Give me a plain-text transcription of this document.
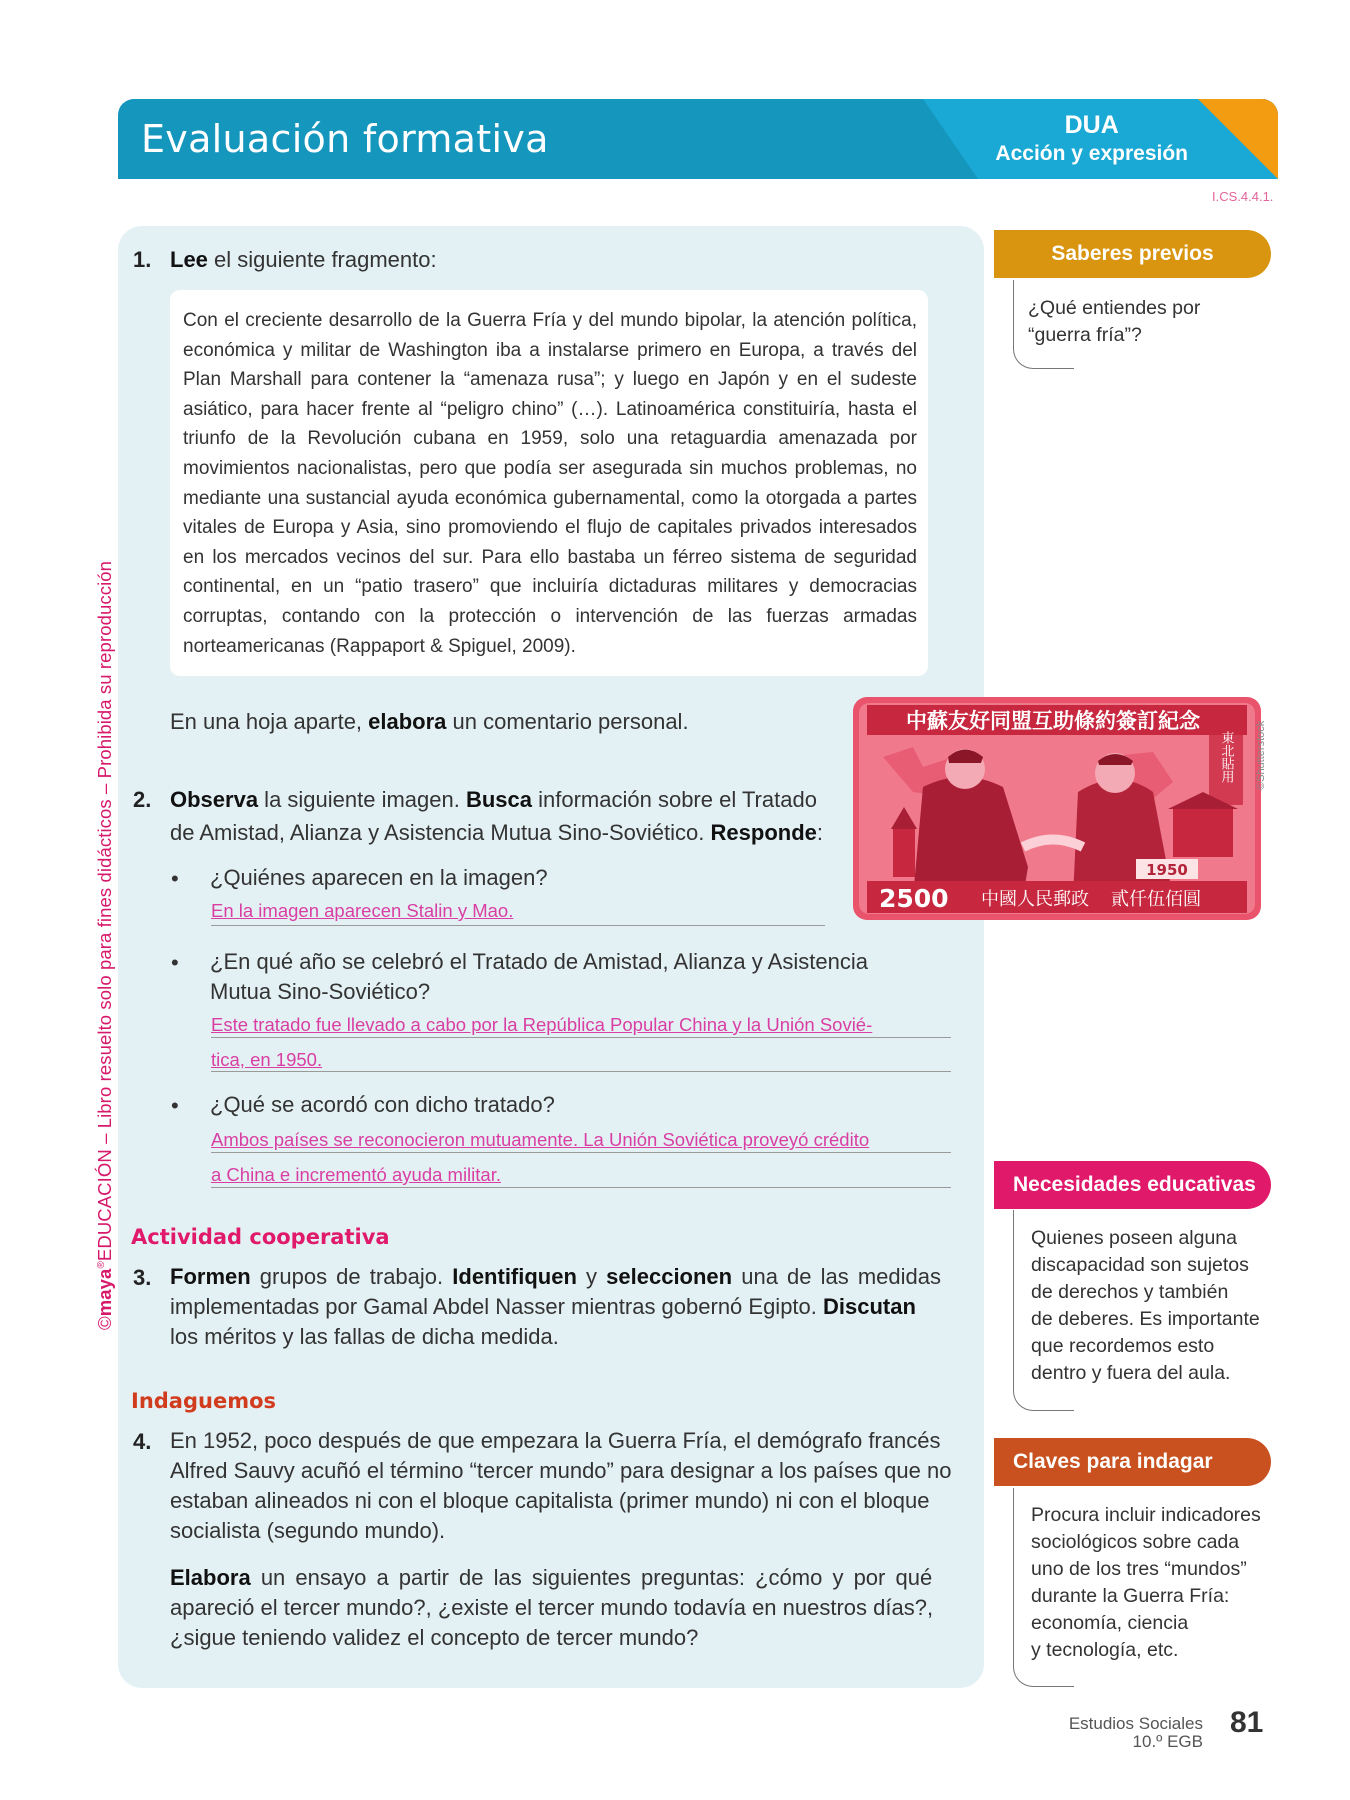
©maya®EDUCACIÓN – Libro resuelto solo para fines didácticos – Prohibida su reproducción
Evaluación formativa	DUA
Acción y expresión
I.CS.4.4.1.
1. Lee el siguiente fragmento:

Con el creciente desarrollo de la Guerra Fría y del mundo bipolar, la atención política, económica y militar de Washington iba a instalarse primero en Europa, a través del Plan Marshall para contener la “amenaza rusa”; y luego en Japón y en el sudeste asiático, para hacer frente al “peligro chino” (…). Latinoamérica constituiría, hasta el triunfo de la Revolución cubana en 1959, solo una retaguardia amenazada por movimientos nacionalistas, pero que podía ser asegurada sin muchos problemas, no mediante una sustancial ayuda económica gubernamental, como la otorgada a partes vitales de Europa y Asia, sino promoviendo el flujo de capitales privados interesados en los mercados vecinos del sur. Para ello bastaba un férreo sistema de seguridad continental, en un “patio trasero” que incluiría dictaduras militares y democracias corruptas, contando con la protección o intervención de las fuerzas armadas norteamericanas (Rappaport & Spiguel, 2009).

En una hoja aparte, elabora un comentario personal.
2. Observa la siguiente imagen. Busca información sobre el Tratado
de Amistad, Alianza y Asistencia Mutua Sino-Soviético. Responde:
• ¿Quiénes aparecen en la imagen?
En la imagen aparecen Stalin y Mao.
• ¿En qué año se celebró el Tratado de Amistad, Alianza y Asistencia
Mutua Sino-Soviético?
Este tratado fue llevado a cabo por la República Popular China y la Unión Sovié-
tica, en 1950.
• ¿Qué se acordó con dicho tratado?
Ambos países se reconocieron mutuamente. La Unión Soviética proveyó crédito
a China e incrementó ayuda militar.
中蘇友好同盟互助條約簽訂紀念
東北貼用
1950
2500 中國人民郵政 貳仟伍佰圓
©Shutterstock
Actividad cooperativa
3. Formen grupos de trabajo. Identifiquen y seleccionen una de las medidas
implementadas por Gamal Abdel Nasser mientras gobernó Egipto. Discutan
los méritos y las fallas de dicha medida.
Indaguemos
4. En 1952, poco después de que empezara la Guerra Fría, el demógrafo francés
Alfred Sauvy acuñó el término “tercer mundo” para designar a los países que no
estaban alineados ni con el bloque capitalista (primer mundo) ni con el bloque
socialista (segundo mundo).
Elabora un ensayo a partir de las siguientes preguntas: ¿cómo y por qué
apareció el tercer mundo?, ¿existe el tercer mundo todavía en nuestros días?,
¿sigue teniendo validez el concepto de tercer mundo?
Saberes previos
¿Qué entiendes por
“guerra fría”?
Necesidades educativas
Quienes poseen alguna
discapacidad son sujetos
de derechos y también
de deberes. Es importante
que recordemos esto
dentro y fuera del aula.
Claves para indagar
Procura incluir indicadores
sociológicos sobre cada
uno de los tres “mundos”
durante la Guerra Fría:
economía, ciencia
y tecnología, etc.
Estudios Sociales
10.º EGB
81
